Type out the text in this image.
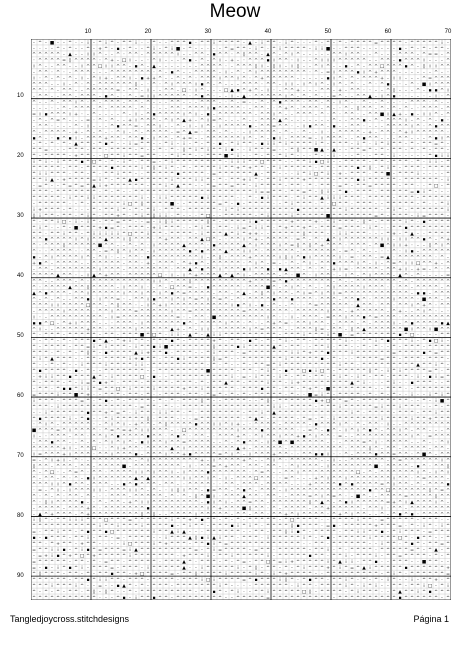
Meow
10	20	30	40	50	60	70
10
20
30
40
50
60
70
80
90
- ^ - ■ - - ^ · - i - ^ i ^ - ^ ^ i · · ^ - - ^ ^ ^ ▪ · ^ ^ i ^ ^ ^ ^ - ▲ - i ^ ^ · i ^ - · - ^ - ^ - ^ - ^ ^ ^ ^ = ^ ^ ^ ^ - ^ ^ ^ ^ ^ i -
- · - - ^ - ^ - - ^ - + ^ - ▪ - ^ - - ^ i - ^ i ■ - ^ - - · - - ^ = ^ ^ - i ^ · ^ i ^ ^ ^ ^ - i i ■ - · ^ ^ ^ - - - - - - ▪ - ^ - ^ - ^ ^ -
^ ^ ^ ^ ^ - ▲ - - i i ^ - - ^ · ^ ^ - ^ ^ ^ ^ ^ i - - ^ ^ - ▪ ^ ^ · ^ ◊ ^ ^ - ▲ ^ - ^ i ^ - - - - - ^ ^ i ^ ^ - - ^ - - - ^ ^ ^ - ^ = = - ^
· ^ ^ ^ ^ = ◊ ^ ^ ^ ^ · ^ + - □ i - - · ^ i - - - ^ ▪ - ^ - ^ i - + - · ^ ^ ^ ▪ i ^ ^ · i - - ^ i i i ^ ^ ^ ^ ^ - - ^ ^ - ▪ ^ ^ ^ i - - - ^
i ^ - - ^ ^ - - i ^ ^ □ i i ^ ^ - ▪ ^ - ▲ - - - - - - - ^ ^ ^ ^ · - ^ ^ ^ ◊ i - ◊ i - i ◊ - - ^ i ^ - - ▪ - ^ - ^ ^ □ ^ ^ ^ ▪ ^ - ◊ i i ^ ^
- ^ ^ · ^ · - ^ ^ ^ - - - ^ ^ ^ ^ ^ ^ ^ · ^ - ▪ ^ - - ^ ^ ^ ^ - i - ^ - ^ i ^ ^ ^ ^ ^ ^ ^ ^ · ^ - = i ^ ^ ^ ▪ i ^ + ^ ^ ^ - - - - - - ^ - ·
i · ^ - ^ - ^ - i - ^ i + - ^ ^ i - ▪ + + ^ - - ^ - ^ · ^ ^ ^ i ^ ^ i ^ · ^ + ^ ^ ^ ^ ^ - - - - - ▪ i ^ - ^ - ^ ^ ^ + - i i - - - ^ = ^ ^ ^
^ ^ ^ - - i - ^ · ^ - ^ ^ ^ ^ ^ ^ ◊ - · ^ · ^ i ^ ^ ^ i ▪ ^ - ^ - - - ^ ^ ^ · ^ ^ - i i - i ^ i ^ - i ^ - ^ · - ^ · ^ ▪ - · - ^ · ■ i ^ ^ ^
^ ^ · ^ - ^ ^ - - ^ ^ ^ ^ ^ = - ^ ^ - i - - ^ ^ - □ · i ^ - - - □ ▲ ▪ ^ + ^ - i · - ^ ^ + - - - ^ ^ - + - ^ ^ · · - - ^ ◊ - - - ^ - ▪ ▪ ^ i
- ^ ^ - - ^ ^ - ^ ^ ^ - ▪ ^ - · ^ - = i i ^ ^ ^ ^ ^ · ^ ▪ ^ · - - i - ▲ · ^ ^ ^ ^ ^ i ^ - ^ - ^ - - = ^ - - ^ ^ ▲ - i ^ ▪ · · - - · - i · ^
^ - - ^ - ^ ^ i ^ · ^ - ^ ^ ^ - ^ ^ - ^ - - - ^ ^ - - - ^ ^ ^ - · ^ - = - - ^ - ^ ▪ ^ ^ ^ · ^ ^ - ^ - i ^ - · ^ - - ^ - - · - ^ ^ ^ · ^ - -
- - - · - ^ - ^ ^ ^ - ^ - ^ ^ ^ ^ - ^ - · - - ^ ^ - ^ ^ ^ i ▪ ^ ^ ^ ^ · - ^ ^ - · ^ + ^ - ^ ^ ^ - ^ - · ^ - ◊ ^ ^ - ^ - ^ - ^ - · ^ ^ ^ - ^
= i ▪ ^ ^ ^ i + · - ^ - - - - ^ - i - ^ ▪ ^ ^ ^ ^ i ^ i - ▪ - ^ ^ ^ ^ ^ ^ - ^ ^ i ^ - - ^ ^ ^ - ^ · ^ · ^ ^ · - ^ ^ ■ i ▲ + - ▪ - i i ^ - ^
- ^ - ^ = ^ - - - = · ^ - ^ - - + i ^ ^ ^ - ^ i ^ ▲ + - ^ i = ^ - - - ^ - - ^ ^ ^ ▲ ^ - - - - - - - ^ - - ^ ^ ▪ - ^ - ^ ^ ^ i - ^ - ^ - ▪ ·
- ^ ^ · - - - ^ - i - - - ^ ▪ ^ ^ = - ^ ^ i - - ^ - i - i ^ - i ^ ^ ^ ^ ▪ - ^ ^ = ^ ^ · - i ▪ ^ ^ - ▪ - - ^ ^ · - - - ^ ^ ^ ^ i ^ · ^ ▪ ^ ^
^ - ^ ^ ^ ^ - + - ^ - ^ - · ^ i - ^ - ^ ^ ^ ^ - = ^ ▲ = · ^ ^ - ^ - · - i ^ ^ ^ ^ - ^ - · ^ - - i · - ^ ^ ^ ^ - + - ^ ^ - ^ + i ^ ^ ^ ^ ^ ·
▪ ^ - · ▪ ^ ▪ i - ^ ^ ^ + ^ ^ - ^ ^ ▪ - i ^ ^ - ^ + = - - ^ ^ ^ ^ ^ ^ i ^ - ^ - ▪ i - ^ ^ ^ = - i ^ ^ ^ - - ^ ▪ ^ ^ - - - ^ ^ - - - ^ ▪ i ^
- ^ - ^ · ^ - ▲ ^ ^ - ^ ▪ ^ - - i = ^ ^ - - ^ i - i - ^ - ^ · ▪ - ^ i ^ ^ - ▪ i i ^ i ^ ^ ^ ^ i ^ - ^ ^ ^ - i ^ · i ^ i ^ ^ - ^ - ^ ^ = ^ -
^ ^ = · - - ^ ^ ^ - ^ ^ - ^ ^ ^ ^ - ^ - - ^ · ^ · ◊ ^ i ^ i ^ ^ i ▪ - · i ^ ^ ^ = · - ^ ◊ ^ ^ ■ ▲ - ▲ - - ^ ^ = ^ - ^ - ^ ^ - ^ - ^ - ^ ^ -
^ - ^ ^ ^ ^ - + ^ ^ - - □ ^ ^ i ^ ^ = ^ ^ · - ^ i ^ ^ - - ^ ^ ^ ■ ^ i - · ^ - ^ - ^ i ^ - - · ^ - - i · - - ^ - - ^ ^ - i - - - - - ^ ▪ i i
i ^ i - i ^ ^ ^ ▪ ^ □ ^ - ^ - i ^ · ^ ^ = - ^ i ^ ^ ^ ^ ^ ^ ^ ^ - i i i ^ ^ □ ^ ^ ^ - - ^ ^ i ▪ □ i - - ^ ^ ^ ^ - ^ ^ - ^ ^ ^ · ^ · i i - ^
^ ^ ^ ^ ^ - ^ ^ - ^ ^ ^ ^ ▪ ^ ^ ^ ^ i ^ ◊ ^ i ^ - ^ - ^ ^ ^ ^ i ^ ^ + ^ + ^ ^ - ^ i ^ ^ ^ ^ ^ · ^ ^ · ^ ^ ^ ▪ ^ ◊ · ^ i ^ - ^ ^ ^ - ^ ^ ^ ^
^ i i ^ ^ ^ · ^ ^ - ^ · ^ ^ i ^ ^ - · ^ ^ ^ ^ ^ ▪ ^ ^ ^ ^ · = ^ ^ ^ ^ ^ ^ ▲ - ^ ^ - - · i ^ i □ ^ i - + - ^ ^ ^ · ^ ^ ■ - ^ ^ ^ i - - - - ^
^ ^ i ▲ - + ^ ^ ^ ^ = i ^ - ^ ^ ▲ ▪ ^ ^ ^ ^ ^ i ^ ^ ^ i i ^ - ^ · ^ ^ + i ^ - ^ ^ i ^ ^ ^ + ^ ^ ^ ^ - ^ ^ ^ ▪ i ^ ^ ^ ^ ^ · ^ ^ ^ ^ ^ ^ - i
- = ^ - - ^ = ^ = ^ ▲ i + ^ ^ ^ ^ ^ ^ - ^ ^ i ^ ▲ ^ ^ - - ^ = ^ ^ = ^ ^ - i ^ ^ ^ ^ - ^ ^ · ^ · ^ ^ - = ^ - ^ ^ = ^ ^ ^ ^ - ^ ^ · · ^ □ - ^
^ ^ ^ - ^ ^ ^ ^ ^ ^ ^ · ^ - ^ - · ^ ^ ^ ^ ^ ^ ^ ^ ^ ^ ^ ^ ^ ^ ^ ^ ^ ^ ^ ^ i = = ^ ^ - ^ ^ = ^ - ◊ i - ^ ▪ · ^ ^ ^ · ^ ^ ^ ^ ^ = ▪ i ^ - - ·
^ ^ ^ ^ ^ - i ^ ^ i i ^ ^ ^ ^ ^ ^ ^ i - - i i ^ ^ ^ ^ ^ ▪ i ^ ^ ^ ^ · · ^ · ▪ i ^ ^ ^ · ^ i ^ ^ ▲ i i i ^ ^ ^ · ^ ^ ^ ^ - ^ ^ ^ - ^ ^ ^ ^ ^
- ^ ^ ^ ^ ^ · - ^ - ^ ^ ^ ^ ^ i □ ^ ◊ ^ ^ ^ ^ ■ · - ^ ^ ^ ^ ^ = ^ - ▪ - ^ ^ ^ ^ · - ^ i ^ ^ ^ · ^ · □ ^ ^ · ^ ^ ^ - - ^ ^ ^ ^ ^ - ^ · - ^ i
i + ^ ^ ^ - ^ · · - ^ - ^ ^ i ^ - ^ - ^ i · ^ ^ ^ - ^ ^ ^ ^ ^ - i ^ i ^ ^ ^ ^ ^ ^ ^ ^ ^ ▪ ^ ^ ^ ^ ^ ^ ^ i ^ ^ ^ ^ ^ · ^ i ^ - ^ ^ ^ ^ ^ ^ i
◊ i ^ ^ - ^ ^ · ^ i ^ · ^ ^ + ^ · ^ i ^ ◊ i i · ^ - - · ^ □ - - ^ ^ ^ ^ ^ - ^ i ^ ^ ^ i ^ ^ ^ ^ ^ ■ ^ ^ ^ ^ ^ ^ ^ = ^ - ^ ^ ^ - i = ^ ^ ^ -
^ · ^ ^ i □ - i - i ^ - ^ ^ = ^ ^ - - = - i ◊ i ^ ^ ^ ^ ^ ◊ ^ - ^ ^ ^ ^ i ▪ ^ ^ ^ ^ ^ + ^ ^ ^ + · ^ i ^ ^ ^ - ◊ ^ - ^ ^ ^ ^ i ^ · ▪ ^ ^ ^ ^
^ i ^ · - ^ - ■ ^ ^ ^ + ▪ = ^ - ^ ^ ^ - + i ^ ^ ^ · - ^ i ^ · ^ ^ - i = ^ i i ^ · ^ + ^ ^ + ^ - ^ ^ ^ = ^ ^ ^ - i ^ - · ^ ^ ▪ ^ ^ ^ ^ ^ ^ ^
^ ^ · ^ ^ i ^ ^ - ^ i i i i i ^ □ ^ ^ i ^ ^ - ^ ^ ^ ^ - i ^ ^ ^ ▲ ^ i ^ + + - - ^ ^ ^ ^ ^ ◊ ^ ^ ^ - · i i ^ ^ ^ · - - ^ + - ^ ▲ - · ^ ^ ^ ^
^ ^ ▪ ^ ^ ^ ^ i ^ i ^ ^ ▲ ^ ^ i ◊ ^ ^ ^ · ^ + ^ ^ · ^ ^ ▲ □ ^ - · ^ ^ i ^ + - ^ ^ ^ ^ · = ^ - ^ · ▲ ^ i ^ ^ ^ ^ ^ ^ i i - i i ^ ^ ▪ ^ - ^ +
^ · ^ ^ ^ ◊ ^ ^ ^ ^ ^ ■ ^ ^ - - ^ - ^ · i ^ ^ ^ ^ ▲ ^ ^ ^ · ▪ ^ ^ ^ ^ ▲ ^ i ^ ^ ^ i ^ = ◊ ^ ◊ ^ + ^ ^ ^ · ^ ^ ^ - ^ ■ ^ i i + · - - ◊ ^ i ^
^ · · ^ ^ ^ ^ · · ^ ^ - = ^ ◊ ^ i ^ ^ - i ^ ^ ^ ^ ^ ▪ ^ ▪ ^ ^ ^ ▲ ^ ^ i i ^ · ^ ^ ^ ^ ^ - ^ ^ ^ ^ ^ ^ - = ^ - ^ - - · · ^ · i ▪ - ^ ^ ^ ^ ^
▪ - ^ i ^ ^ ^ ^ i ^ - ^ i · - - ^ ^ · ▪ ^ ^ ^ ^ ^ ^ ^ ^ i - ^ ◊ · ^ ^ ^ + ^ ^ ^ ^ i ◊ i ^ ▪ i ^ ^ ^ ^ i · = · ^ ^ - = ▲ · ^ ^ ^ ^ ^ ^ · ^ -
+ ▪ ^ - ^ ^ ^ ^ - - ^ ^ ^ ^ ^ - ^ ^ · + - ^ ^ ^ - ^ + ▪ ^ - ^ ^ ^ ^ ^ · ^ i ^ - = - · ^ - ^ i - ^ ^ ▪ ^ ^ ^ i ^ - i - ^ = ^ i i □ ^ ^ + - ^
- ^ ^ - ^ ^ ^ ^ ^ ^ ^ i ^ ^ ^ - ^ ^ ^ ^ ^ ^ ^ · ^ ^ ▲ ^ ▪ ^ ^ i ^ ^ ^ ▪ i ^ ^ ▪ · ▪ ▲ ^ ^ - ^ · ^ - + i = · ^ ^ ^ ^ - ^ ^ + i - + = - ^ · ^
^ ^ ^ ^ ▲ ^ ^ · - i ▲ ^ + ^ ^ · ^ ^ ^ ^ ^ □ · i - i ^ + ^ ^ ^ ▲ ^ ▲ ^ i - ^ ^ ^ ^ - ^ · ■ ^ · i ^ ^ · - i ^ - ^ i ^ ^ ^ - ▲ ^ - ^ - - - - =
^ ^ - - ^ ^ ^ - ^ · ^ ^ ^ ^ ^ ^ ^ ^ ^ ^ i i ^ - ^ ^ ◊ ^ ^ ^ ^ ^ ^ ^ ^ ^ + ^ ^ ^ = ^ ▪ ^ ^ ^ ^ ^ ^ ^ - ^ - - ^ ^ ^ ^ ^ ^ ^ - ^ - ^ ^ ^ ^ ^ ^
^ · ^ ^ ^ ^ ▲ ^ ^ ◊ ^ ^ ^ ^ - i ^ ^ i · - ^ - □ ^ ^ = - · ▪ ^ ^ ^ ^ ^ · ^ ^ ^ ■ ^ - ^ i ^ - ^ - - ^ i ^ ^ ^ ^ i ^ ^ ^ · · ^ ^ - ^ ^ ^ ^ - ^
▲ ^ ▪ ^ ^ ^ - ^ ^ i ^ ^ ^ ^ ^ i ^ ^ i ^ ^ i ^ ▪ ^ = ^ ^ ^ ^ - ^ ^ - ^ ▲ - ^ ◊ ^ i ^ ^ - ^ i = ^ i ^ i = ^ ^ ^ ^ ^ ^ ^ ^ ^ ^ ^ - ▪ ▪ - ^ ^ ^
^ - ^ - ^ - - ^ ^ ▪ · i ^ ^ = · - ^ ^ i ▪ ^ ^ i ^ i ^ = ^ i ^ = ^ - ^ · ^ ^ ^ ^ ▪ ^ ^ ▪ ^ ^ ^ · ^ ^ ^ - ^ ^ ▪ ^ · ^ ^ ^ i ^ ^ ^ · ■ ^ ^ - ^
^ ^ ^ i i ^ ^ ^ ^ □ ^ ^ - ^ ◊ ^ ^ · - i ^ + i ^ ^ ^ ^ ^ ^ ^ ^ ^ ^ i ▪ ^ i - ▪ - ^ - - ^ · · ^ = ^ ^ ^ ^ ^ · ▲ ^ ^ · ^ ^ · ^ ^ i ^ + ^ · ^ ^
- ^ ^ ^ ^ i ^ ^ ^ ^ · ^ ^ i ^ ^ ^ = ^ ^ ^ ^ ^ i ^ ^ = ^ ^ ^ ^ ^ ^ ^ ^ = ^ ^ ^ ^ ^ ^ ^ · ^ ^ ^ ^ ^ i ^ ^ - + ^ ^ ^ ^ ^ - ^ + - - ^ i ^ · - ·
i · - ^ ^ ^ ^ ^ ^ ^ ^ ^ - i = ^ ^ ^ ^ ^ ^ ^ ^ ^ = · - ^ ^ · ■ ^ ^ ^ ^ ^ ^ ^ ^ i ^ · · i - ^ ^ ^ - = ^ ^ i ^ ^ ▪ ^ = ^ ^ ^ · ^ ^ ^ ^ ^ ^ ^ ^
▪ ▪ ^ □ - ^ + i ^ ^ ^ - - · ^ ^ ^ - i ^ ^ ^ ^ ^ ^ ▪ ^ - ^ ^ ^ ^ i ^ ^ · ^ · - ^ + ^ = · ^ ^ i ^ ^ - - ^ ^ ^ - ^ - ^ ^ ^ i - ^ ▪ ^ ^ ^ ^ ▪ ▲
^ i - - ^ ^ ^ ^ ^ + ^ ^ · ^ ^ ^ ^ i ^ ^ ^ ^ ^ ▲ + - ^ - i i · ^ ^ ^ ^ ^ i ^ = ^ ^ ^ - - ^ ^ ^ ◊ = - ^ ^ - ◊ ^ ▲ ^ ^ ^ ^ ^ ^ ■ i ^ ^ i ■ ^ ^
^ · ^ ^ ^ - ^ ^ ^ ^ ^ - ^ ^ · ^ ^ ^ ■ ^ □ ^ · i i - ▲ ^ - ▲ i i ^ ^ ^ ^ ^ ^ ^ ^ ^ - ^ ^ ^ i ^ ^ ^ i ^ ■ · = ^ ^ ^ ^ ^ ^ ^ ▪ ^ □ · - - - ^ ^
^ - ^ ^ - ^ - ^ ^ ^ ▪ ^ ▲ - ^ + i ^ ^ - ^ ^ ^ ▪ ^ - ^ ^ ^ ^ + ^ · ^ ^ · ▪ ^ - ^ · ^ i - ^ ^ - ^ ^ ^ ^ ^ i - · ^ ^ i ^ ▪ ^ ^ ^ i - ^ ▪ □ i -
^ - ^ ^ ^ ^ - ^ ^ = i ^ i ^ ^ ^ - i ^ ^ ▪ i ■ ^ ^ ^ ^ ^ ^ ^ ◊ ^ ^ ^ ▪ i ^ ^ ^ ^ ▲ ^ - ^ ^ · - ^ ^ i · ^ ^ - - ^ - ^ · - ^ - ^ ^ ^ - ^ ^ ^ ^
^ ^ ^ · ^ · ^ - ^ ◊ ^ - ▪ ^ ^ ^ ^ ▲ i + ^ ^ ▪ · ^ ^ ^ - - ^ i ^ ^ ^ - = ^ ^ ^ ^ ^ ^ ^ i i ^ + ^ ^ ▪ ^ ^ ^ i ^ ^ ^ ^ ^ ^ = ^ ^ ^ ^ ▪ ^ = ^ ^
^ i ^ ▲ ^ ^ ^ - - ^ ^ - ^ ^ ^ ^ i + ▪ ^ ^ · ^ ^ ▪ i ^ ^ ^ ^ ◊ = ^ - - ^ ^ ^ ^ ^ ^ ^ i ^ ^ ^ ^ ^ ▪ - ^ - - · ^ ^ ^ ^ = ^ ^ - ^ ^ ^ · ^ ^ ^ -
^ · - ^ - ^ - - i ^ ^ ^ i ^ ^ ^ ^ i i - ^ ^ ^ ^ ^ ^ ^ ^ ^ · ^ · ^ - - ^ - ^ ^ = ^ i ^ ^ ^ ^ ^ ^ ^ ^ ^ i ^ ^ · ^ ^ ^ ^ ^ ^ ^ ^ ^ ▲ ^ ^ i ^ -
^ ▪ ^ ^ ^ ^ · ▪ - ^ - - ^ ^ ^ ^ ^ ^ ^ - - ^ ^ ^ ^ ^ ^ ^ ^ ■ ^ ^ ^ ^ - ^ ^ · ^ i ^ - ▪ ^ ^ □ ▪ i □ ^ - ^ ^ ^ ^ ^ ◊ ^ - i ^ i ^ ^ ^ ^ = ^ · ^
- + i i ^ ^ ▪ ^ ^ ^ ▲ ^ - i ^ ^ ^ ^ □ - ▪ · - ^ ^ ^ ^ ^ ^ ^ ^ ^ ^ i · = - i ^ ^ - i ^ - ^ ^ - ^ ^ - ^ i ^ - i ^ - ^ ^ - ^ ^ ^ - i - ▪ i = ^
^ - ^ ^ ^ - ^ - i = ^ ▪ + ^ · ^ ^ ^ - ^ ^ ^ ^ - ^ ^ ^ - ^ - ^ ^ ▲ ^ ^ - ^ ^ ^ i ^ ^ - i + ^ ^ ^ ^ ^ ^ ^ ^ ▲ ^ i · · - ^ i - · ▪ ^ ^ ^ - - ^
- ^ ^ · ^ ▪ ▪ ^ i i ^ = ^ ^ □ ^ i ^ ^ ^ i ^ ^ ^ ^ + ^ ^ i ^ ^ ^ ^ ^ · ^ ^ ^ ▪ ^ ^ - ^ ^ - ^ + ^ - ■ ^ ^ ^ ^ ^ ^ ^ - - ^ ^ ^ · - ^ ^ ^ ^ ^ ^
= ^ ^ ^ i ^ ^ ■ ^ + · - ^ ^ ^ - ^ ^ - ^ · - ^ ^ ^ - ^ ^ · ^ = ^ - ^ - ^ - ^ ^ ^ ^ ^ · ^ - · ■ = i ^ - ^ ^ ^ ^ - ^ · ^ - ^ - · i · - i ^ i ^
i ^ ^ ^ · ^ ^ ^ = ^ · ^ ▪ - ^ - ^ ^ ^ ^ - ^ · ^ · ^ ^ ^ ◊ ^ - - ^ ^ ^ ^ - - ^ ◊ - ^ ^ ^ ^ ^ ^ ▪ + □ ^ ^ = ^ - ^ ^ ^ ^ ^ ^ ^ ^ · - ^ - i ■ ^
^ ^ ^ - i ^ ^ ^ ^ ^ ^ ^ ^ ^ ^ ^ ^ - = ^ ^ - ^ - · ^ ^ ^ ^ ^ ^ ^ ^ ^ ^ ^ ^ ^ ^ ^ i i · ^ ^ ^ ^ - ^ ^ ^ i ^ ^ ^ ^ ^ = i ^ ^ i ^ ^ ^ - - ^ - ^
- · i ^ ^ ^ ^ ^ ^ ▪ ^ ^ + ^ = ^ · i ^ ^ - i i ^ ^ · ^ · ^ ^ ^ ^ ^ ^ ^ - ^ ^ i ^ ▲ ^ ^ ^ ^ ^ ^ ^ ^ ^ ^ ^ ^ i ^ · ^ ^ ^ ^ - ^ ^ ^ - ^ ^ i ^ ^
^ ▪ ^ ^ ^ ^ i - ^ ▪ - - ^ i ^ ^ ^ ^ ^ ◊ · ^ ^ ^ - - · = ^ ^ ^ ^ ^ ^ ^ · ^ ▲ ^ - ^ ^ ^ ^ - ^ = - ^ · i ^ ^ ^ ^ ^ ^ ^ i ^ ^ ^ ^ i ^ ^ + ^ ^ ^
· ^ i ^ - ^ ^ ^ ^ ^ · - ^ i ^ i - + ^ ^ - ^ ◊ ^ ^ ^ ^ ▪ ^ ^ i i ^ i + - · ^ ^ ^ ^ - ^ ^ ^ ^ - ▪ ^ ^ ^ i ^ · ^ - ^ ^ · i - - ^ ^ ^ ^ ^ ^ ^ ^
■ ^ ^ ^ = ^ i ^ ^ ^ ^ · ^ = ^ = + ^ i i ^ ^ ^ - · □ ^ ^ ^ ^ ^ ^ ^ ^ i ^ ^ ^ ▪ ^ ^ ^ ^ ^ · - = ^ - ▪ ^ - i ^ i ^ ▪ ^ - ^ ^ i ^ - ^ ^ - - - ^
i - · ^ ^ ^ - ^ ^ · ^ ^ i ^ ▪ ^ ^ ^ ^ ▪ ^ ^ · ^ ▪ ^ · ^ ^ - · ^ ^ ^ + ^ · ^ i ^ ^ i ^ ^ + ▪ ^ i ^ ^ · = - - ^ ^ ^ ^ ^ ^ ^ ^ ^ i ^ · = ^ ^ ^
- ^ ^ ▪ ^ ^ - - ^ - ^ - ^ i ^ i ^ - ▪ i ^ ^ i ^ ^ = ^ ^ ^ ^ - - ^ - ^ ▪ ^ ^ - i ^ ■ ^ ■ ^ ^ ^ ^ ^ - · - ^ ^ ^ = ^ i · ^ ^ ^ ^ - - ^ - · ^ i
^ ^ ^ ^ ^ + i - ^ ^ □ · · ^ i + ^ ^ · ^ ^ ^ ^ ▲ ^ i ^ ^ ^ ^ ^ ^ ^ ^ ▲ + - ^ ^ ^ ^ ^ - ^ ^ ^ ^ ^ ^ ^ ^ ^ · ^ ^ ^ ◊ ^ - ^ ^ - ^ ^ ^ ^ - ^ ^ -
i = ^ ^ ^ + i ^ ^ ^ · ^ ^ i ^ ^ ^ ▪ - ^ ^ ^ i ^ ^ + ▪ ^ ^ ^ ^ = ^ i ^ - i ^ ^ ^ + ^ ^ · · ^ ^ ▪ ▪ i · · ^ - ^ ^ ^ ▪ ^ ^ = ^ ^ · ^ ■ ^ - ^ ^
= - ^ i + i - ^ · - ^ ^ ^ ^ ^ ^ ^ - ^ i ^ ^ ^ ^ ^ ^ ^ ^ + - i ^ ^ ^ ^ + ^ - - ^ i ^ · ^ ^ ^ ^ ^ - - i - - ^ ^ ^ ^ ^ ^ - ^ = ^ ^ ^ ^ ^ ^ i ^
◊ ^ ^ - ^ ^ ^ - ^ ^ - ^ ^ ^ ^ ■ - ^ ^ ^ ^ ^ ^ ^ ^ - i · ^ ^ = ^ + ^ ^ - ^ ^ - ^ ^ - · ^ i ^ ^ ^ - i ^ ^ ^ ^ ^ ^ ^ ■ · ^ ^ ^ ^ - ▪ ^ · ^ ^ ◊
^ - ^ □ · - ^ = ^ · ^ ^ · ^ ^ ^ ^ i i ^ i ^ ^ i - i ^ ^ ^ ▪ ^ ^ ^ ^ ^ ^ · ^ = ^ - - ^ ^ i ^ ^ ^ ^ ^ ^ ^ ^ ^ □ - ^ - ^ ^ ^ ^ ^ ^ i ^ - i ^ i
^ - ^ ^ - ^ · ^ - ▪ i ^ ^ ^ ^ ^ ^ ▲ ^ ▲ ^ ^ ^ ^ ^ i i ^ ^ i ^ - i - ^ ^ ^ □ ^ ^ · · = ^ - - - + ^ i ^ ^ i ^ ^ ^ ^ ^ ^ ^ i ^ ^ · ^ = ^ ^ ^ -
^ ^ ^ i i ^ ▪ ^ ^ - ^ ^ ^ - - ▪ ^ ▪ ^ ^ ^ - ^ ^ - · ^ ^ ^ ^ · · ^ ^ - ^ ^ ^ - ^ ^ ^ ^ - - · + ^ ^ ^ ^ ▪ ^ ▪ ^ ^ ^ ^ = ^ i ^ ^ - ^ - ^ ^ ^ ▪
· = - ^ i - i ^ ^ ^ i i - ^ ^ ^ i i ^ - ^ - · i ◊ i ^ ^ - ▪ = ^ ^ - ^ ▪ ^ - ^ ^ ^ - i ^ ^ ^ ^ ^ ^ ^ ^ ^ ^ ^ ^ ^ ▪ ^ ^ □ ^ ^ ^ ^ ^ ^ ◊ ^ = ^
^ · ^ - ^ · ^ ^ - ^ - · · ^ ^ ^ - ^ ^ ^ ^ ^ - ^ · ^ - ◊ ^ ■ i · ^ ^ ^ ▲ ^ ^ · ^ ^ - - ^ ^ ^ = ^ i ^ = ^ · - ■ ^ - - ^ ^ ^ ^ = ^ ^ ^ ^ ◊ ^ ^
^ · ◊ i ^ ^ ^ ^ ▪ - · ^ - ^ ^ - + ^ i i ^ ^ ^ ^ ^ ^ ^ ^ - ▪ i ^ i - ^ ^ = ^ ^ - ^ ^ ^ ^ ^ ^ ◊ ^ ▲ ^ - ^ ▪ i ^ ^ ^ ^ ^ = + ^ i ▲ ^ ^ ^ i ^ -
- ^ ^ ^ ^ - ^ ^ ^ + ^ · ^ ^ ^ ^ ^ ^ ^ ▪ ^ ^ ^ ^ ^ ^ ^ ^ ^ i ^ + ^ ^ ^ ■ ◊ ^ ^ · ^ - ^ ^ ^ ^ - ^ ^ + ^ ^ ^ ^ ^ - ^ ^ i · ^ ^ - ^ ^ ^ ^ ^ ^ ^
- ▲ ^ + ^ ^ ^ - ^ + ^ ^ ^ ^ ^ ^ ^ ^ ◊ ^ ◊ - - ^ ^ ^ ^ i ^ ^ ^ ^ ^ - ^ ^ - ^ ^ · ^ ^ + ^ i ^ ^ ^ ^ · ^ + ^ i ^ ^ - - ^ - ^ ▪ ^ ▪ · ^ ^ ^ ^ ^
i ◊ ^ - ^ ^ i i i ^ ^ ^ □ ^ ^ ^ = ^ ^ ^ ^ ^ ^ i ^ ^ + ^ ▪ ^ ^ - ^ - ^ - ^ ^ ^ ^ ^ - ^ □ ^ ^ ^ ^ · · ^ ^ ^ ^ i ^ ^ · = ^ ^ ^ ^ ^ - ^ ^ ^ · -
^ ^ ^ ^ ^ ^ ^ ^ ^ ^ ^ i ^ ^ i ^ ^ ^ i ^ ^ ^ ^ ▪ - ^ i ^ ^ - ^ ^ ^ ▪ i ^ i ^ · ^ ^ ^ ^ ◊ ▪ ^ ^ ^ · = ▪ · ^ ^ ^ ^ ^ + ^ ^ ^ = · ^ - i ^ · i ^
= · ^ ^ i ^ ^ - ^ ▪ ^ ^ ▪ □ ^ ^ ^ ^ ^ ^ i ^ ^ ▲ i ▲ - - · ^ ^ ^ ^ ^ ^ - - ^ ^ - ^ ^ ◊ i ▪ ^ - ^ ^ ^ ^ · ^ ^ i i ^ ^ ▪ - ^ i ^ ^ ^ - = ^ ^ ^
▪ - ▪ ^ ^ ^ - ^ ^ i - ^ ^ - = · ^ ^ ^ ^ - - i ^ ^ ^ ▲ ◊ ▪ i ▲ i ^ ^ · ^ ^ ^ · i ^ ^ ^ ^ ^ i ^ - ^ ▪ - ^ ^ ^ ^ ^ i ^ ^ ^ ^ □ ^ · ▪ ^ ^ - - ^
^ ^ · ^ + ^ ^ - + ^ ^ - · - - i □ ^ ^ ^ i ^ + ^ ^ ^ - ^ ^ ▪ i ^ = ^ ^ ^ ^ ^ ^ ^ ^ ^ ^ ^ ^ · · ^ ^ · ^ ^ ^ ^ ^ ^ - - i ^ ^ · ^ ▪ ^ - ^ ^ = ^
= ^ ^ i i ▪ - ^ i ▪ ^ = ^ ^ ^ = i ▲ ^ ^ ^ ^ ^ ^ ^ ^ ^ = - ^ i = ^ ^ ^ ^ - = ^ ^ · ^ ^ ^ ^ ^ - ^ ^ i · ^ · ^ ^ ^ ^ · ^ ^ ^ ^ ^ = ^ - ^ ▲ - ^
- = + i ▪ ^ + ^ □ ^ + ^ ^ ^ ^ ^ i ^ ^ ^ ^ ^ ^ ^ · + ^ ^ ^ i - ^ ^ i ^ ^ ^ ^ ^ i - ^ ^ ^ ^ ^ ▪ ^ ^ · ^ ^ i - ^ ^ ^ i - ^ ^ = ^ ^ ^ ^ - ^ - ^
= ^ ^ ^ ^ ^ - ^ ^ - ^ · = ^ ^ · ^ ^ ^ ^ ^ · ^ ^ ^ ▲ ^ · ^ ^ ^ - ^ - ^ = - ^ ^ □ ^ = i + ^ ^ ^ ^ ^ i ^ ▲ i i · ^ ^ ▪ · - ^ ^ ^ - · ■ ^ ^ - -
= - ▪ - i ^ ▪ ^ i - ^ ^ ^ = - ^ ^ ^ - i ^ ^ ^ ^ ^ ▲ · - i ^ ^ ^ ^ ^ i - ^ ◊ - ^ ^ - ^ - ^ i ^ ^ ^ + ^ i ^ = ^ ▲ i ^ ^ ^ ^ ^ ▪ ^ ^ ^ ^ ^ ^ +
^ ◊ ^ ^ ^ - ^ ^ - ^ - ^ ^ ▪ ^ ^ - + □ ^ ^ ^ ^ = - ^ ^ ◊ ^ ^ ^ ^ i ^ ^ ^ ^ i ^ · i ^ + ^ ^ ^ ^ - · ^ ^ ^ ^ ^ ^ ^ ^ ^ - ^ i ^ · ^ ^ ^ ^ ^ ^ =
^ ^ ^ ^ ^ ^ - ^ ^ ▪ ^ i i ^ ^ - ^ ^ ^ - ^ ^ ^ ^ · ^ ^ ^ i □ i ^ ^ ^ ^ = ^ ▪ ^ ^ ^ i ◊ ^ · ^ ▪ ^ ^ · ^ ^ i ^ · ^ - ^ - i ^ - - i - ^ ^ + · ^
^ ^ ^ i ^ ^ ^ i ^ · - = - - ▪ ▲ ^ - ^ - ^ ^ ^ - ^ ^ ^ ^ ^ ^ ^ i ^ - · · · ^ ^ ^ ^ ^ ^ · i ^ ^ · ^ ^ ^ ^ i ^ - i ^ i - - ^ ^ - ^ ^ i □ - ^ i
^ - ^ - ^ - ^ ^ · ^ ◊ - ◊ ^ · - ^ - ^ ^ ^ ^ ^ ^ ^ ^ ^ - ^ ^ ▪ ^ - ^ i · - ^ ^ i ^ ^ ^ ^ ^ □ ◊ - ^ ^ ^ ^ - ^ i ^ ^ ^ · - ^ ▲ ^ ^ i ^ ▪ ^ ^ ^
^ ^ ^ ^ ^ ^ ^ ^ ^ ^ ^ · - - ^ ▪ - i ^ ^ ▪ ^ ^ - ^ ^ ^ ^ ^ ^ ^ ^ - - ^ ^ ^ ^ ^ = ^ ^ ^ ^ ^ ^ ^ ^ ^ ^ - ^ ^ ^ ^ ^ ^ ^ ^ ^ ^ ▪ ^ ^ ^ ^ ^ ^ - ^
Tangledjoycross.stitchdesigns	Página 1
